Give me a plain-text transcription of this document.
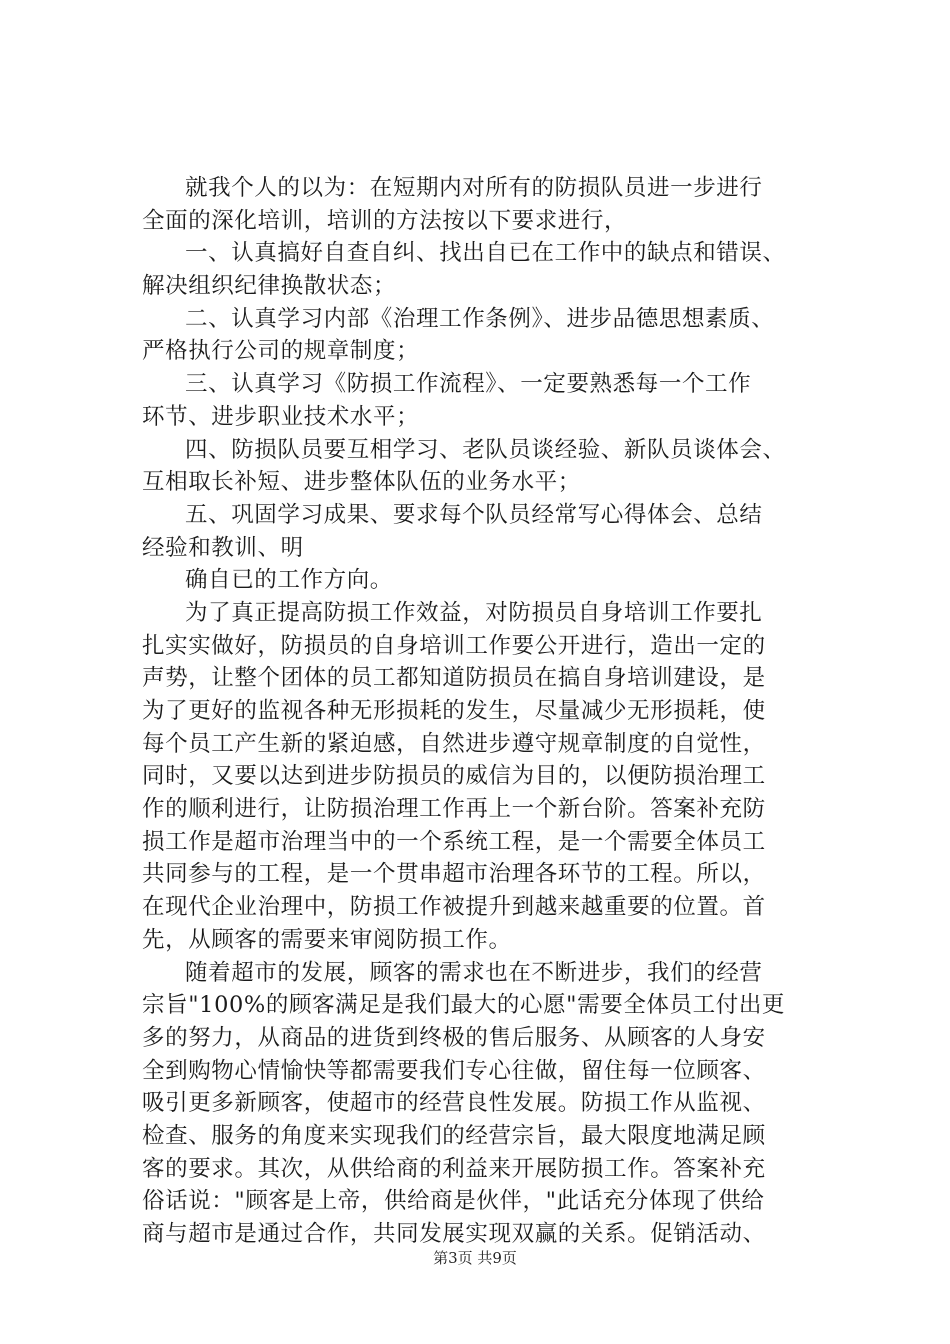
就我个人的以为：在短期内对所有的防损队员进一步进行
全面的深化培训，培训的方法按以下要求进行，
一、认真搞好自查自纠、找出自已在工作中的缺点和错误、
解决组织纪律换散状态；
二、认真学习内部《治理工作条例》、进步品德思想素质、
严格执行公司的规章制度；
三、认真学习《防损工作流程》、一定要熟悉每一个工作
环节、进步职业技术水平；
四、防损队员要互相学习、老队员谈经验、新队员谈体会、
互相取长补短、进步整体队伍的业务水平；
五、巩固学习成果、要求每个队员经常写心得体会、总结
经验和教训、明
确自已的工作方向。
为了真正提高防损工作效益，对防损员自身培训工作要扎
扎实实做好，防损员的自身培训工作要公开进行，造出一定的
声势，让整个团体的员工都知道防损员在搞自身培训建设，是
为了更好的监视各种无形损耗的发生，尽量减少无形损耗，使
每个员工产生新的紧迫感，自然进步遵守规章制度的自觉性，
同时，又要以达到进步防损员的威信为目的，以便防损治理工
作的顺利进行，让防损治理工作再上一个新台阶。答案补充防
损工作是超市治理当中的一个系统工程，是一个需要全体员工
共同参与的工程，是一个贯串超市治理各环节的工程。所以，
在现代企业治理中，防损工作被提升到越来越重要的位置。首
先，从顾客的需要来审阅防损工作。
随着超市的发展，顾客的需求也在不断进步，我们的经营
宗旨"100%的顾客满足是我们最大的心愿"需要全体员工付出更
多的努力，从商品的进货到终极的售后服务、从顾客的人身安
全到购物心情愉快等都需要我们专心往做，留住每一位顾客、
吸引更多新顾客，使超市的经营良性发展。防损工作从监视、
检查、服务的角度来实现我们的经营宗旨，最大限度地满足顾
客的要求。其次，从供给商的利益来开展防损工作。答案补充
俗话说："顾客是上帝，供给商是伙伴，"此话充分体现了供给
商与超市是通过合作，共同发展实现双赢的关系。促销活动、
第3页 共9页
